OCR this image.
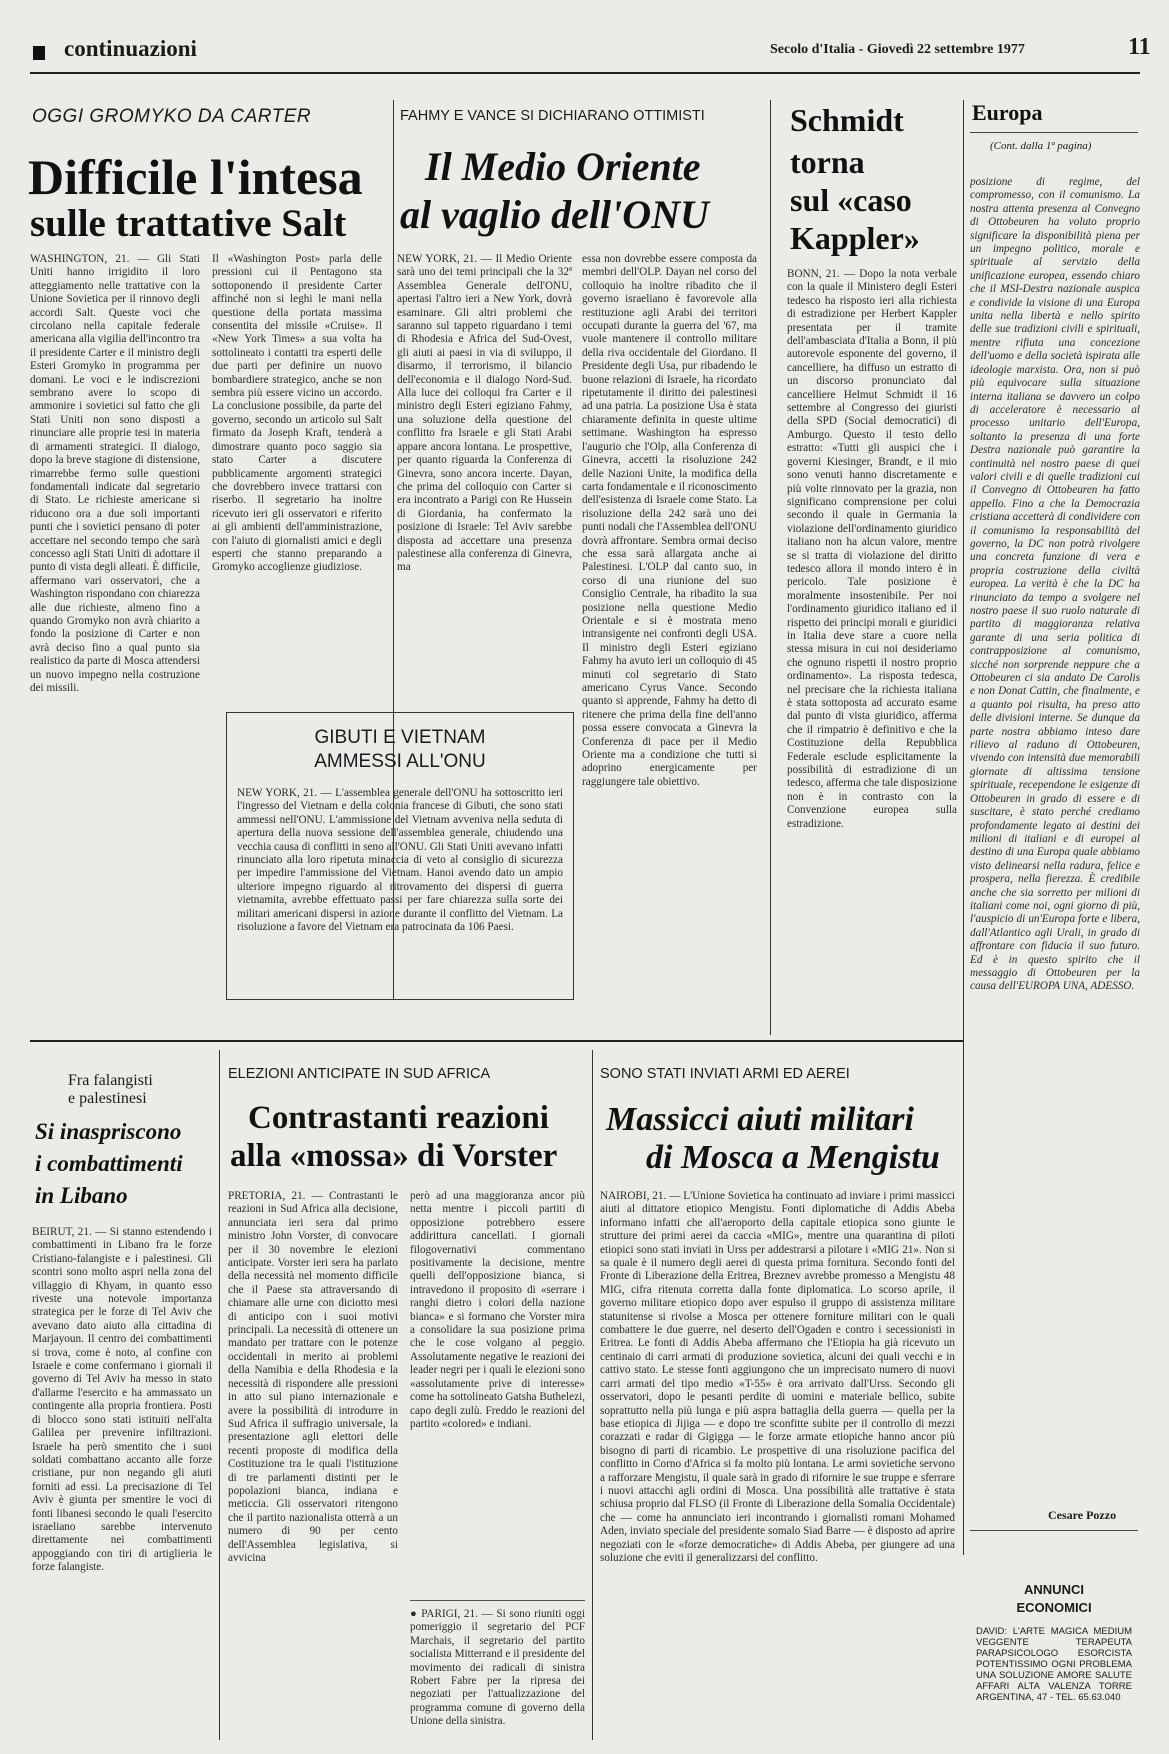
continuazioni	Secolo d'Italia - Giovedì 22 settembre 1977	11
OGGI GROMYKO DA CARTER
Difficile l'intesa
sulle trattative Salt
WASHINGTON, 21. — Gli Stati Uniti hanno irrigidito il loro atteggiamento nelle trattative con la Unione Sovietica per il rinnovo degli accordi Salt. Queste voci che circolano nella capitale federale americana alla vigilia dell'incontro tra il presidente Carter e il ministro degli Esteri Gromyko in programma per domani. Le voci e le indiscrezioni sembrano avere lo scopo di ammonire i sovietici sul fatto che gli Stati Uniti non sono disposti a rinunciare alle proprie tesi in materia di armamenti strategici. Il dialogo, dopo la breve stagione di distensione, rimarrebbe fermo sulle questioni fondamentali indicate dal segretario di Stato. Le richieste americane si riducono ora a due soli importanti punti che i sovietici pensano di poter accettare nel secondo tempo che sarà concesso agli Stati Uniti di adottare il punto di vista degli alleati. È difficile, affermano vari osservatori, che a Washington rispondano con chiarezza alle due richieste, almeno fino a quando Gromyko non avrà chiarito a fondo la posizione di Carter e non avrà deciso fino a qual punto sia realistico da parte di Mosca attendersi un nuovo impegno nella costruzione dei missili.
Il «Washington Post» parla delle pressioni cui il Pentagono sta sottoponendo il presidente Carter affinché non si leghi le mani nella questione della portata massima consentita del missile «Cruise». Il «New York Times» a sua volta ha sottolineato i contatti tra esperti delle due parti per definire un nuovo bombardiere strategico, anche se non sembra più essere vicino un accordo. La conclusione possibile, da parte del governo, secondo un articolo sul Salt firmato da Joseph Kraft, tenderà a dimostrare quanto poco saggio sia stato Carter a discutere pubblicamente argomenti strategici che dovrebbero invece trattarsi con riserbo. Il segretario ha inoltre ricevuto ieri gli osservatori e riferito ai gli ambienti dell'amministrazione, con l'aiuto di giornalisti amici e degli esperti che stanno preparando a Gromyko accoglienze giudiziose.
FAHMY E VANCE SI DICHIARANO OTTIMISTI
Il Medio Oriente
al vaglio dell'ONU
NEW YORK, 21. — Il Medio Oriente sarà uno dei temi principali che la 32ª Assemblea Generale dell'ONU, apertasi l'altro ieri a New York, dovrà esaminare. Gli altri problemi che saranno sul tappeto riguardano i temi di Rhodesia e Africa del Sud-Ovest, gli aiuti ai paesi in via di sviluppo, il disarmo, il terrorismo, il bilancio dell'economia e il dialogo Nord-Sud. Alla luce dei colloqui fra Carter e il ministro degli Esteri egiziano Fahmy, una soluzione della questione del conflitto fra Israele e gli Stati Arabi appare ancora lontana. Le prospettive, per quanto riguarda la Conferenza di Ginevra, sono ancora incerte. Dayan, che prima del colloquio con Carter si era incontrato a Parigi con Re Hussein di Giordania, ha confermato la posizione di Israele: Tel Aviv sarebbe disposta ad accettare una presenza palestinese alla conferenza di Ginevra, ma
essa non dovrebbe essere composta da membri dell'OLP. Dayan nel corso del colloquio ha inoltre ribadito che il governo israeliano è favorevole alla restituzione agli Arabi dei territori occupati durante la guerra del '67, ma vuole mantenere il controllo militare della riva occidentale del Giordano. Il Presidente degli Usa, pur ribadendo le buone relazioni di Israele, ha ricordato ripetutamente il diritto dei palestinesi ad una patria. La posizione Usa è stata chiaramente definita in queste ultime settimane. Washington ha espresso l'augurio che l'Olp, alla Conferenza di Ginevra, accetti la risoluzione 242 delle Nazioni Unite, la modifica della carta fondamentale e il riconoscimento dell'esistenza di Israele come Stato. La risoluzione della 242 sarà uno dei punti nodali che l'Assemblea dell'ONU dovrà affrontare. Sembra ormai deciso che essa sarà allargata anche ai Palestinesi. L'OLP dal canto suo, in corso di una riunione del suo Consiglio Centrale, ha ribadito la sua posizione nella questione Medio Orientale e si è mostrata meno intransigente nei confronti degli USA. Il ministro degli Esteri egiziano Fahmy ha avuto ieri un colloquio di 45 minuti col segretario di Stato americano Cyrus Vance. Secondo quanto si apprende, Fahmy ha detto di ritenere che prima della fine dell'anno possa essere convocata a Ginevra la Conferenza di pace per il Medio Oriente ma a condizione che tutti si adoprino energicamente per raggiungere tale obiettivo.
GIBUTI E VIETNAM
AMMESSI ALL'ONU
NEW YORK, 21. — L'assemblea generale dell'ONU ha sottoscritto ieri l'ingresso del Vietnam e della colonia francese di Gibuti, che sono stati ammessi nell'ONU. L'ammissione del Vietnam avveniva nella seduta di apertura della nuova sessione dell'assemblea generale, chiudendo una vecchia causa di conflitti in seno all'ONU. Gli Stati Uniti avevano infatti rinunciato alla loro ripetuta minaccia di veto al consiglio di sicurezza per impedire l'ammissione del Vietnam. Hanoi avendo dato un ampio ulteriore impegno riguardo al ritrovamento dei dispersi di guerra vietnamita, avrebbe effettuato passi per fare chiarezza sulla sorte dei militari americani dispersi in azione durante il conflitto del Vietnam. La risoluzione a favore del Vietnam era patrocinata da 106 Paesi.
Schmidt
torna
sul «caso
Kappler»
BONN, 21. — Dopo la nota verbale con la quale il Ministero degli Esteri tedesco ha risposto ieri alla richiesta di estradizione per Herbert Kappler presentata per il tramite dell'ambasciata d'Italia a Bonn, il più autorevole esponente del governo, il cancelliere, ha diffuso un estratto di un discorso pronunciato dal cancelliere Helmut Schmidt il 16 settembre al Congresso dei giuristi della SPD (Social democratici) di Amburgo. Questo il testo dello estratto: «Tutti gli auspici che i governi Kiesinger, Brandt, e il mio sono venuti hanno discretamente e più volte rinnovato per la grazia, non significano comprensione per colui secondo il quale in Germania la violazione dell'ordinamento giuridico italiano non ha alcun valore, mentre se si tratta di violazione del diritto tedesco allora il mondo intero è in pericolo. Tale posizione è moralmente insostenibile. Per noi l'ordinamento giuridico italiano ed il rispetto dei principi morali e giuridici in Italia deve stare a cuore nella stessa misura in cui noi desideriamo che ognuno rispetti il nostro proprio ordinamento». La risposta tedesca, nel precisare che la richiesta italiana è stata sottoposta ad accurato esame dal punto di vista giuridico, afferma che il rimpatrio è definitivo e che la Costituzione della Repubblica Federale esclude esplicitamente la possibilità di estradizione di un tedesco, afferma che tale disposizione non è in contrasto con la Convenzione europea sulla estradizione.
Europa
(Cont. dalla 1ª pagina)
posizione di regime, del compromesso, con il comunismo. La nostra attenta presenza al Convegno di Ottobeuren ha voluto proprio significare la disponibilità piena per un impegno politico, morale e spirituale al servizio della unificazione europea, essendo chiaro che il MSI-Destra nazionale auspica e condivide la visione di una Europa unita nella libertà e nello spirito delle sue tradizioni civili e spirituali, mentre rifiuta una concezione dell'uomo e della società ispirata alle ideologie marxista. Ora, non si può più equivocare sulla situazione interna italiana se davvero un colpo di acceleratore è necessario al processo unitario dell'Europa, soltanto la presenza di una forte Destra nazionale può garantire la continuità nel nostro paese di quei valori civili e di quelle tradizioni cui il Convegno di Ottobeuren ha fatto appello. Fino a che la Democrazia cristiana accetterà di condividere con il comunismo la responsabilità del governo, la DC non potrà rivolgere una concreta funzione di vera e propria costruzione della civiltà europea. La verità è che la DC ha rinunciato da tempo a svolgere nel nostro paese il suo ruolo naturale di partito di maggioranza relativa garante di una seria politica di contrapposizione al comunismo, sicché non sorprende neppure che a Ottobeuren ci sia andato De Carolis e non Donat Cattin, che finalmente, e a quanto poi risulta, ha preso atto delle divisioni interne. Se dunque da parte nostra abbiamo inteso dare rilievo al raduno di Ottobeuren, vivendo con intensità due memorabili giornate di altissima tensione spirituale, recependone le esigenze di Ottobeuren in grado di essere e di suscitare, è stato perché crediamo profondamente legato ai destini dei milioni di italiani e di europei al destino di una Europa quale abbiamo visto delinearsi nella radura, felice e prospera, nella fierezza. È credibile anche che sia sorretto per milioni di italiani come noi, ogni giorno di più, l'auspicio di un'Europa forte e libera, dall'Atlantico agli Urali, in grado di affrontare con fiducia il suo futuro. Ed è in questo spirito che il messaggio di Ottobeuren per la causa dell'EUROPA UNA, ADESSO.
Cesare Pozzo
ANNUNCI
ECONOMICI
DAVID: L'ARTE MAGICA MEDIUM VEGGENTE TERAPEUTA PARAPSICOLOGO ESORCISTA POTENTISSIMO OGNI PROBLEMA UNA SOLUZIONE AMORE SALUTE AFFARI ALTA VALENZA TORRE ARGENTINA, 47 - TEL. 65.63.040
Fra falangisti
e palestinesi
Si inaspriscono
i combattimenti
in Libano
BEIRUT, 21. — Si stanno estendendo i combattimenti in Libano fra le forze Cristiano-falangiste e i palestinesi. Gli scontri sono molto aspri nella zona del villaggio di Khyam, in quanto esso riveste una notevole importanza strategica per le forze di Tel Aviv che avevano dato aiuto alla cittadina di Marjayoun. Il centro dei combattimenti si trova, come è noto, al confine con Israele e come confermano i giornali il governo di Tel Aviv ha messo in stato d'allarme l'esercito e ha ammassato un contingente alla propria frontiera. Posti di blocco sono stati istituiti nell'alta Galilea per prevenire infiltrazioni. Israele ha però smentito che i suoi soldati combattano accanto alle forze cristiane, pur non negando gli aiuti forniti ad essi. La precisazione di Tel Aviv è giunta per smentire le voci di fonti libanesi secondo le quali l'esercito israeliano sarebbe intervenuto direttamente nei combattimenti appoggiando con tiri di artiglieria le forze falangiste.
ELEZIONI ANTICIPATE IN SUD AFRICA
Contrastanti reazioni
alla «mossa» di Vorster
PRETORIA, 21. — Contrastanti le reazioni in Sud Africa alla decisione, annunciata ieri sera dal primo ministro John Vorster, di convocare per il 30 novembre le elezioni anticipate. Vorster ieri sera ha parlato della necessità nel momento difficile che il Paese sta attraversando di chiamare alle urne con diciotto mesi di anticipo con i suoi motivi principali. La necessità di ottenere un mandato per trattare con le potenze occidentali in merito ai problemi della Namibia e della Rhodesia e la necessità di rispondere alle pressioni in atto sul piano internazionale e avere la possibilità di introdurre in Sud Africa il suffragio universale, la presentazione agli elettori delle recenti proposte di modifica della Costituzione tra le quali l'istituzione di tre parlamenti distinti per le popolazioni bianca, indiana e meticcia. Gli osservatori ritengono che il partito nazionalista otterrà a un numero di 90 per cento dell'Assemblea legislativa, si avvicina
però ad una maggioranza ancor più netta mentre i piccoli partiti di opposizione potrebbero essere addirittura cancellati. I giornali filogovernativi commentano positivamente la decisione, mentre quelli dell'opposizione bianca, si intravedono il proposito di «serrare i ranghi dietro i colori della nazione bianca» e si formano che Vorster mira a consolidare la sua posizione prima che le cose volgano al peggio. Assolutamente negative le reazioni dei leader negri per i quali le elezioni sono «assolutamente prive di interesse» come ha sottolineato Gatsha Buthelezi, capo degli zulù. Freddo le reazioni del partito «colored» e indiani.
● PARIGI, 21. — Si sono riuniti oggi pomeriggio il segretario del PCF Marchais, il segretario del partito socialista Mitterrand e il presidente del movimento dei radicali di sinistra Robert Fabre per la ripresa dei negoziati per l'attualizzazione del programma comune di governo della Unione della sinistra.
SONO STATI INVIATI ARMI ED AEREI
Massicci aiuti militari
di Mosca a Mengistu
NAIROBI, 21. — L'Unione Sovietica ha continuato ad inviare i primi massicci aiuti al dittatore etiopico Mengistu. Fonti diplomatiche di Addis Abeba informano infatti che all'aeroporto della capitale etiopica sono giunte le strutture dei primi aerei da caccia «MIG», mentre una quarantina di piloti etiopici sono stati inviati in Urss per addestrarsi a pilotare i «MIG 21». Non si sa quale è il numero degli aerei di questa prima fornitura. Secondo fonti del Fronte di Liberazione della Eritrea, Breznev avrebbe promesso a Mengistu 48 MIG, cifra ritenuta corretta dalla fonte diplomatica. Lo scorso aprile, il governo militare etiopico dopo aver espulso il gruppo di assistenza militare statunitense si rivolse a Mosca per ottenere forniture militari con le quali combattere le due guerre, nel deserto dell'Ogaden e contro i secessionisti in Eritrea. Le fonti di Addis Abeba affermano che l'Etiopia ha già ricevuto un centinaio di carri armati di produzione sovietica, alcuni dei quali vecchi e in cattivo stato. Le stesse fonti aggiungono che un imprecisato numero di nuovi carri armati del tipo medio «T-55» è ora arrivato dall'Urss. Secondo gli osservatori, dopo le pesanti perdite di uomini e materiale bellico, subite soprattutto nella più lunga e più aspra battaglia della guerra — quella per la base etiopica di Jijiga — e dopo tre sconfitte subite per il controllo di mezzi corazzati e radar di Gigigga — le forze armate etiopiche hanno ancor più bisogno di parti di ricambio. Le prospettive di una risoluzione pacifica del conflitto in Corno d'Africa si fa molto più lontana. Le armi sovietiche servono a rafforzare Mengistu, il quale sarà in grado di rifornire le sue truppe e sferrare i nuovi attacchi agli ordini di Mosca. Una possibilità alle trattative è stata schiusa proprio dal FLSO (il Fronte di Liberazione della Somalia Occidentale) che — come ha annunciato ieri incontrando i giornalisti romani Mohamed Aden, inviato speciale del presidente somalo Siad Barre — è disposto ad aprire negoziati con le «forze democratiche» di Addis Abeba, per giungere ad una soluzione che eviti il generalizzarsi del conflitto.
